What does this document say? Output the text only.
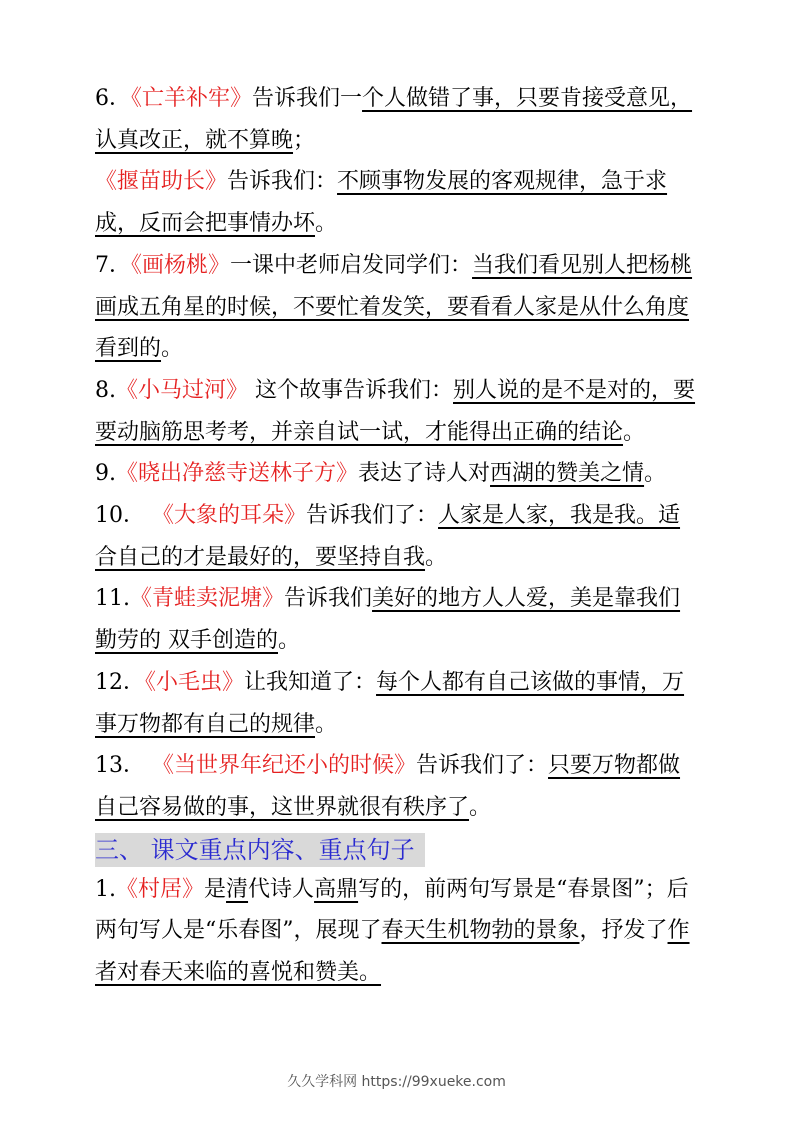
6．《亡羊补牢》告诉我们一个人做错了事，只要肯接受意见，认真改正，就不算晚；

《揠苗助长》告诉我们：不顾事物发展的客观规律，急于求成，反而会把事情办坏。

7．《画杨桃》一课中老师启发同学们：当我们看见别人把杨桃画成五角星的时候，不要忙着发笑，要看看人家是从什么角度看到的。

8.《小马过河》 这个故事告诉我们：别人说的是不是对的，要要动脑筋思考考，并亲自试一试，才能得出正确的结论。

9.《晓出净慈寺送林子方》表达了诗人对西湖的赞美之情。

10． 《大象的耳朵》告诉我们了：人家是人家，我是我。适合自己的才是最好的，要坚持自我。

11.《青蛙卖泥塘》告诉我们美好的地方人人爱，美是靠我们勤劳的 双手创造的。

12．《小毛虫》让我知道了：每个人都有自己该做的事情，万事万物都有自己的规律。

13． 《当世界年纪还小的时候》告诉我们了：只要万物都做自己容易做的事，这世界就很有秩序了。

三、 课文重点内容、重点句子

1.《村居》是清代诗人高鼎写的，前两句写景是“春景图”；后两句写人是“乐春图”，展现了春天生机物勃的景象，抒发了作者对春天来临的喜悦和赞美。

久久学科网 https://99xueke.com
